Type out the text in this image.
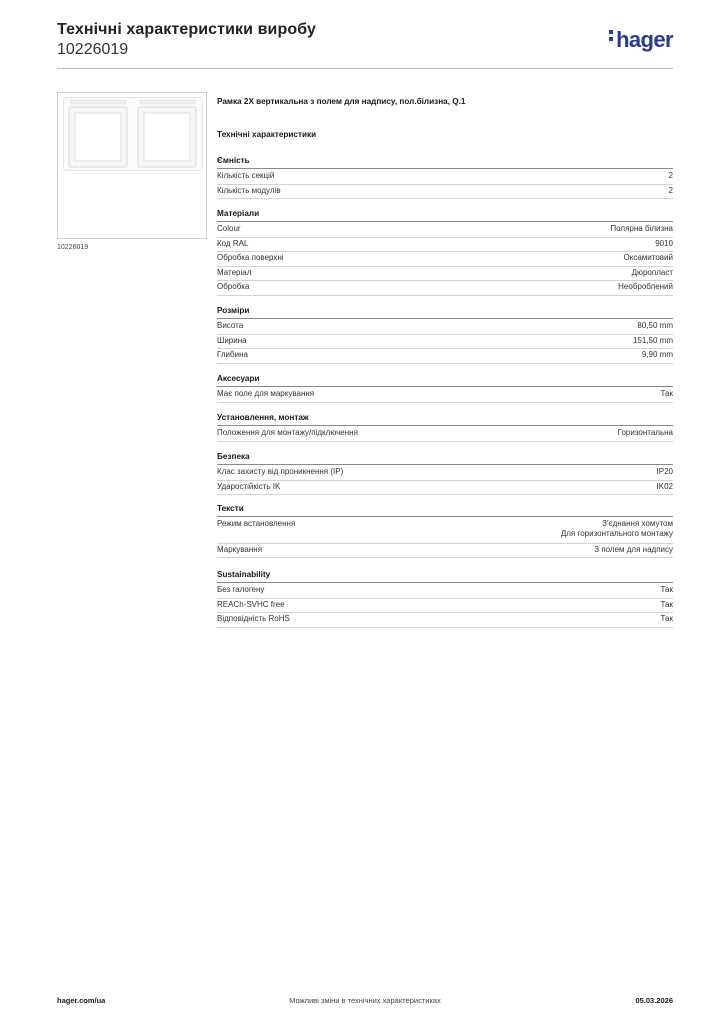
Технічні характеристики виробу
10226019	hager
10226019
Рамка 2X вертикальна з полем для надпису, пол.білизна, Q.1
Технічні характеристики
Ємність
Кількість секцій	2
Кількість модулів	2
Матеріали
Colour	Полярна білизна
Код RAL	9010
Обробка поверхні	Оксамитовий
Матеріал	Дюропласт
Обробка	Необроблений
Розміри
Висота	80,50 mm
Ширина	151,50 mm
Глибина	9,90 mm
Аксесуари
Має поле для маркування	Так
Установлення, монтаж
Положення для монтажу/підключення	Горизонтальна
Безпека
Клас захисту від проникнення (IP)	IP20
Ударостійкість IK	IK02
Тексти
Режим встановлення	З'єднання хомутом
Для горизонтального монтажу
Маркування	З полем для надпису
Sustainability
Без галогену	Так
REACh-SVHC free	Так
Відповідність RoHS	Так
Можливі зміни в технічних характеристиках
hager.com/ua	05.03.2026
